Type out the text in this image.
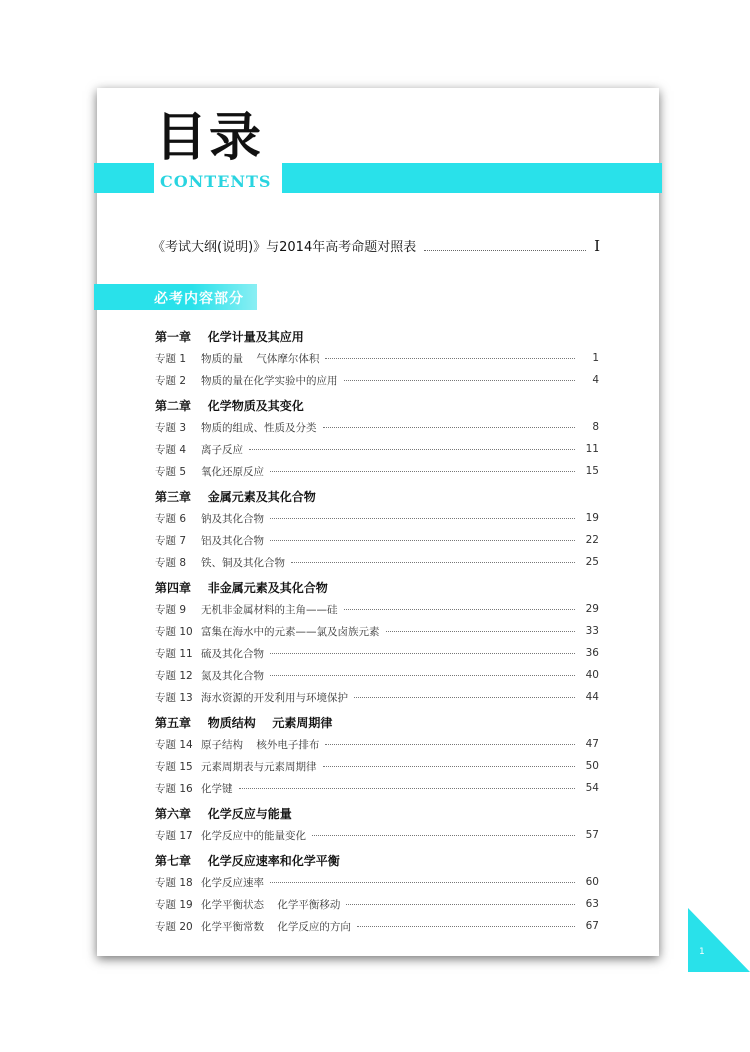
目录
CONTENTS
《考试大纲(说明)》与2014年高考命题对照表	I
必考内容部分
第一章    化学计量及其应用
专题 1	物质的量    气体摩尔体积	1
专题 2	物质的量在化学实验中的应用	4
第二章    化学物质及其变化
专题 3	物质的组成、性质及分类	8
专题 4	离子反应	11
专题 5	氧化还原反应	15
第三章    金属元素及其化合物
专题 6	钠及其化合物	19
专题 7	铝及其化合物	22
专题 8	铁、铜及其化合物	25
第四章    非金属元素及其化合物
专题 9	无机非金属材料的主角——硅	29
专题 10 富集在海水中的元素——氯及卤族元素	33
专题 11 硫及其化合物	36
专题 12 氮及其化合物	40
专题 13 海水资源的开发利用与环境保护	44
第五章    物质结构    元素周期律
专题 14 原子结构    核外电子排布	47
专题 15 元素周期表与元素周期律	50
专题 16 化学键	54
第六章    化学反应与能量
专题 17 化学反应中的能量变化	57
第七章    化学反应速率和化学平衡
专题 18 化学反应速率	60
专题 19 化学平衡状态    化学平衡移动	63
专题 20 化学平衡常数    化学反应的方向	67
1
